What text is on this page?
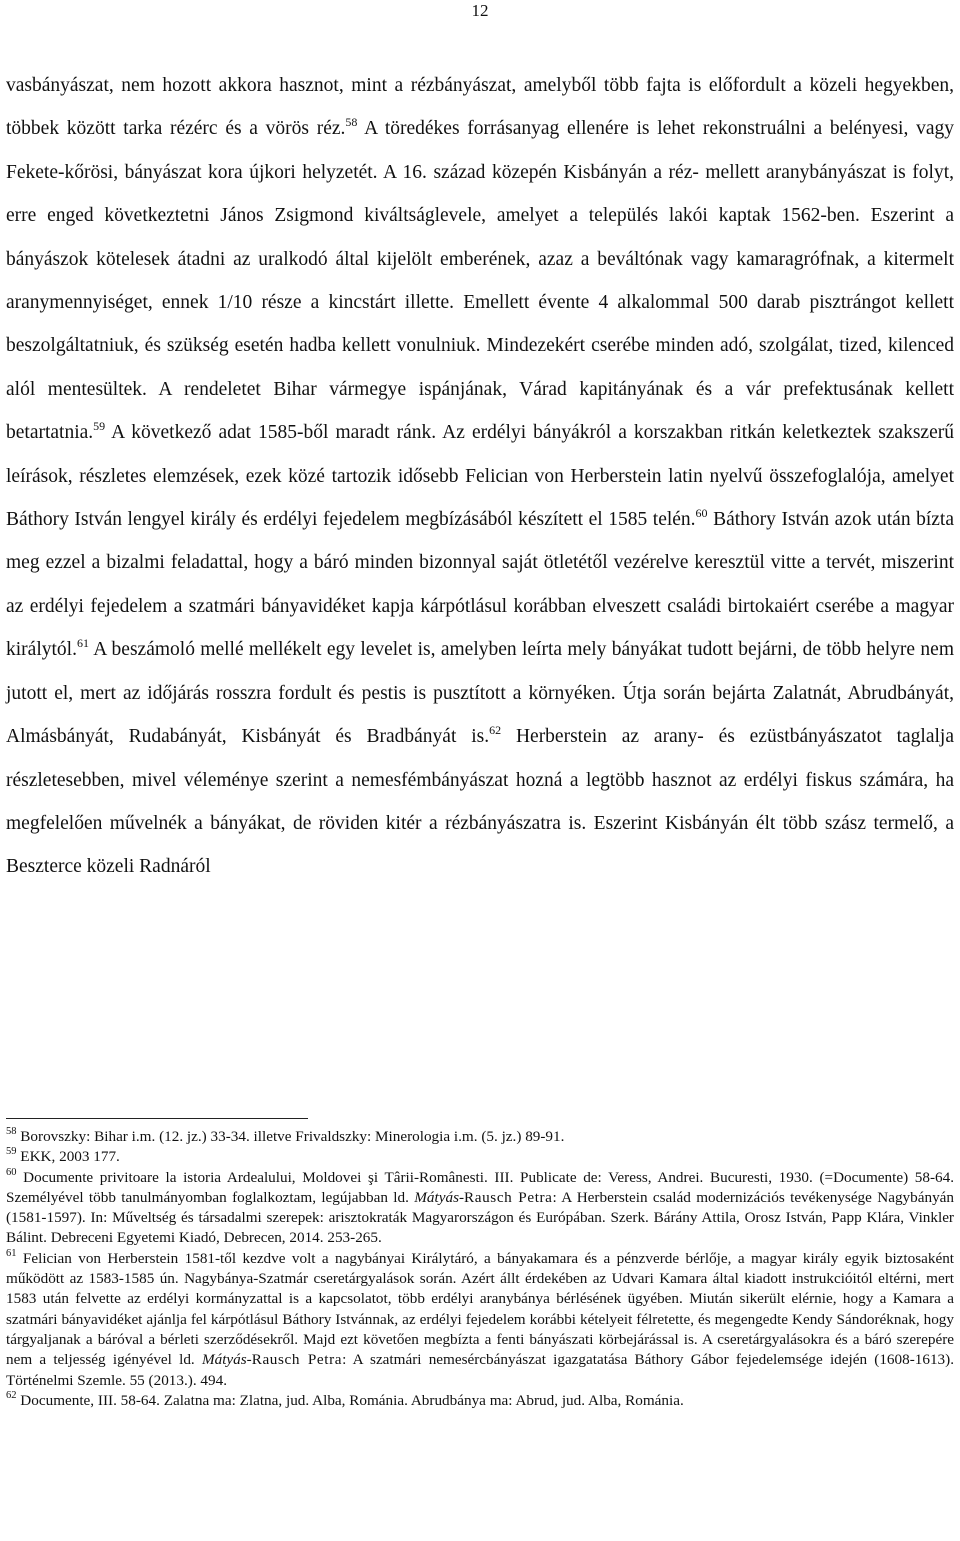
12

vasbányászat, nem hozott akkora hasznot, mint a rézbányászat, amelyből több fajta is előfordult a közeli hegyekben, többek között tarka rézérc és a vörös réz.$^{58}$ A töredékes forrásanyag ellenére is lehet rekonstruálni a belényesi, vagy Fekete-kőrösi, bányászat kora újkori helyzetét. A 16. század közepén Kisbányán a réz- mellett aranybányászat is folyt, erre enged következtetni János Zsigmond kiváltságlevele, amelyet a település lakói kaptak 1562-ben. Eszerint a bányászok kötelesek átadni az uralkodó által kijelölt emberének, azaz a beváltónak vagy kamaragrófnak, a kitermelt aranymennyiséget, ennek 1/10 része a kincstárt illette. Emellett évente 4 alkalommal 500 darab pisztrángot kellett beszolgáltatniuk, és szükség esetén hadba kellett vonulniuk. Mindezekért cserébe minden adó, szolgálat, tized, kilenced alól mentesültek. A rendeletet Bihar vármegye ispánjának, Várad kapitányának és a vár prefektusának kellett betartatnia.$^{59}$ A következő adat 1585-ből maradt ránk. Az erdélyi bányákról a korszakban ritkán keletkeztek szakszerű leírások, részletes elemzések, ezek közé tartozik idősebb Felician von Herberstein latin nyelvű összefoglalója, amelyet Báthory István lengyel király és erdélyi fejedelem megbízásából készített el 1585 telén.$^{60}$ Báthory István azok után bízta meg ezzel a bizalmi feladattal, hogy a báró minden bizonnyal saját ötletétől vezérelve keresztül vitte a tervét, miszerint az erdélyi fejedelem a szatmári bányavidéket kapja kárpótlásul korábban elveszett családi birtokaiért cserébe a magyar királytól.$^{61}$ A beszámoló mellé mellékelt egy levelet is, amelyben leírta mely bányákat tudott bejárni, de több helyre nem jutott el, mert az időjárás rosszra fordult és pestis is pusztított a környéken. Útja során bejárta Zalatnát, Abrudbányát, Almásbányát, Rudabányát, Kisbányát és Bradbányát is.$^{62}$ Herberstein az arany- és ezüstbányászatot taglalja részletesebben, mivel véleménye szerint a nemesfémbányászat hozná a legtöbb hasznot az erdélyi fiskus számára, ha megfelelően művelnék a bányákat, de röviden kitér a rézbányászatra is. Eszerint Kisbányán élt több szász termelő, a Beszterce közeli Radnáról

$^{58}$ Borovszky: Bihar i.m. (12. jz.) 33-34. illetve Frivaldszky: Minerologia i.m. (5. jz.) 89-91.

$^{59}$ EKK, 2003 177.

$^{60}$ Documente privitoare la istoria Ardealului, Moldovei şi Târii-Românesti. III. Publicate de: Veress, Andrei. Bucuresti, 1930. (=Documente) 58-64. Személyével több tanulmányomban foglalkoztam, legújabban ld. Mátyás-Rausch Petra: A Herberstein család modernizációs tevékenysége Nagybányán (1581-1597). In: Műveltség és társadalmi szerepek: arisztokraták Magyarországon és Európában. Szerk. Bárány Attila, Orosz István, Papp Klára, Vinkler Bálint. Debreceni Egyetemi Kiadó, Debrecen, 2014. 253-265.

$^{61}$ Felician von Herberstein 1581-től kezdve volt a nagybányai Királytáró, a bányakamara és a pénzverde bérlője, a magyar király egyik biztosaként működött az 1583-1585 ún. Nagybánya-Szatmár cseretárgyalások során. Azért állt érdekében az Udvari Kamara által kiadott instrukcióitól eltérni, mert 1583 után felvette az erdélyi kormányzattal is a kapcsolatot, több erdélyi aranybánya bérlésének ügyében. Miután sikerült elérnie, hogy a Kamara a szatmári bányavidéket ajánlja fel kárpótlásul Báthory Istvánnak, az erdélyi fejedelem korábbi kételyeit félretette, és megengedte Kendy Sándoréknak, hogy tárgyaljanak a báróval a bérleti szerződésekről. Majd ezt követően megbízta a fenti bányászati körbejárással is. A cseretárgyalásokra és a báró szerepére nem a teljesség igényével ld. Mátyás-Rausch Petra: A szatmári nemesércbányászat igazgatatása Báthory Gábor fejedelemsége idején (1608-1613). Történelmi Szemle. 55 (2013.). 494.

$^{62}$ Documente, III. 58-64. Zalatna ma: Zlatna, jud. Alba, Románia. Abrudbánya ma: Abrud, jud. Alba, Románia.
